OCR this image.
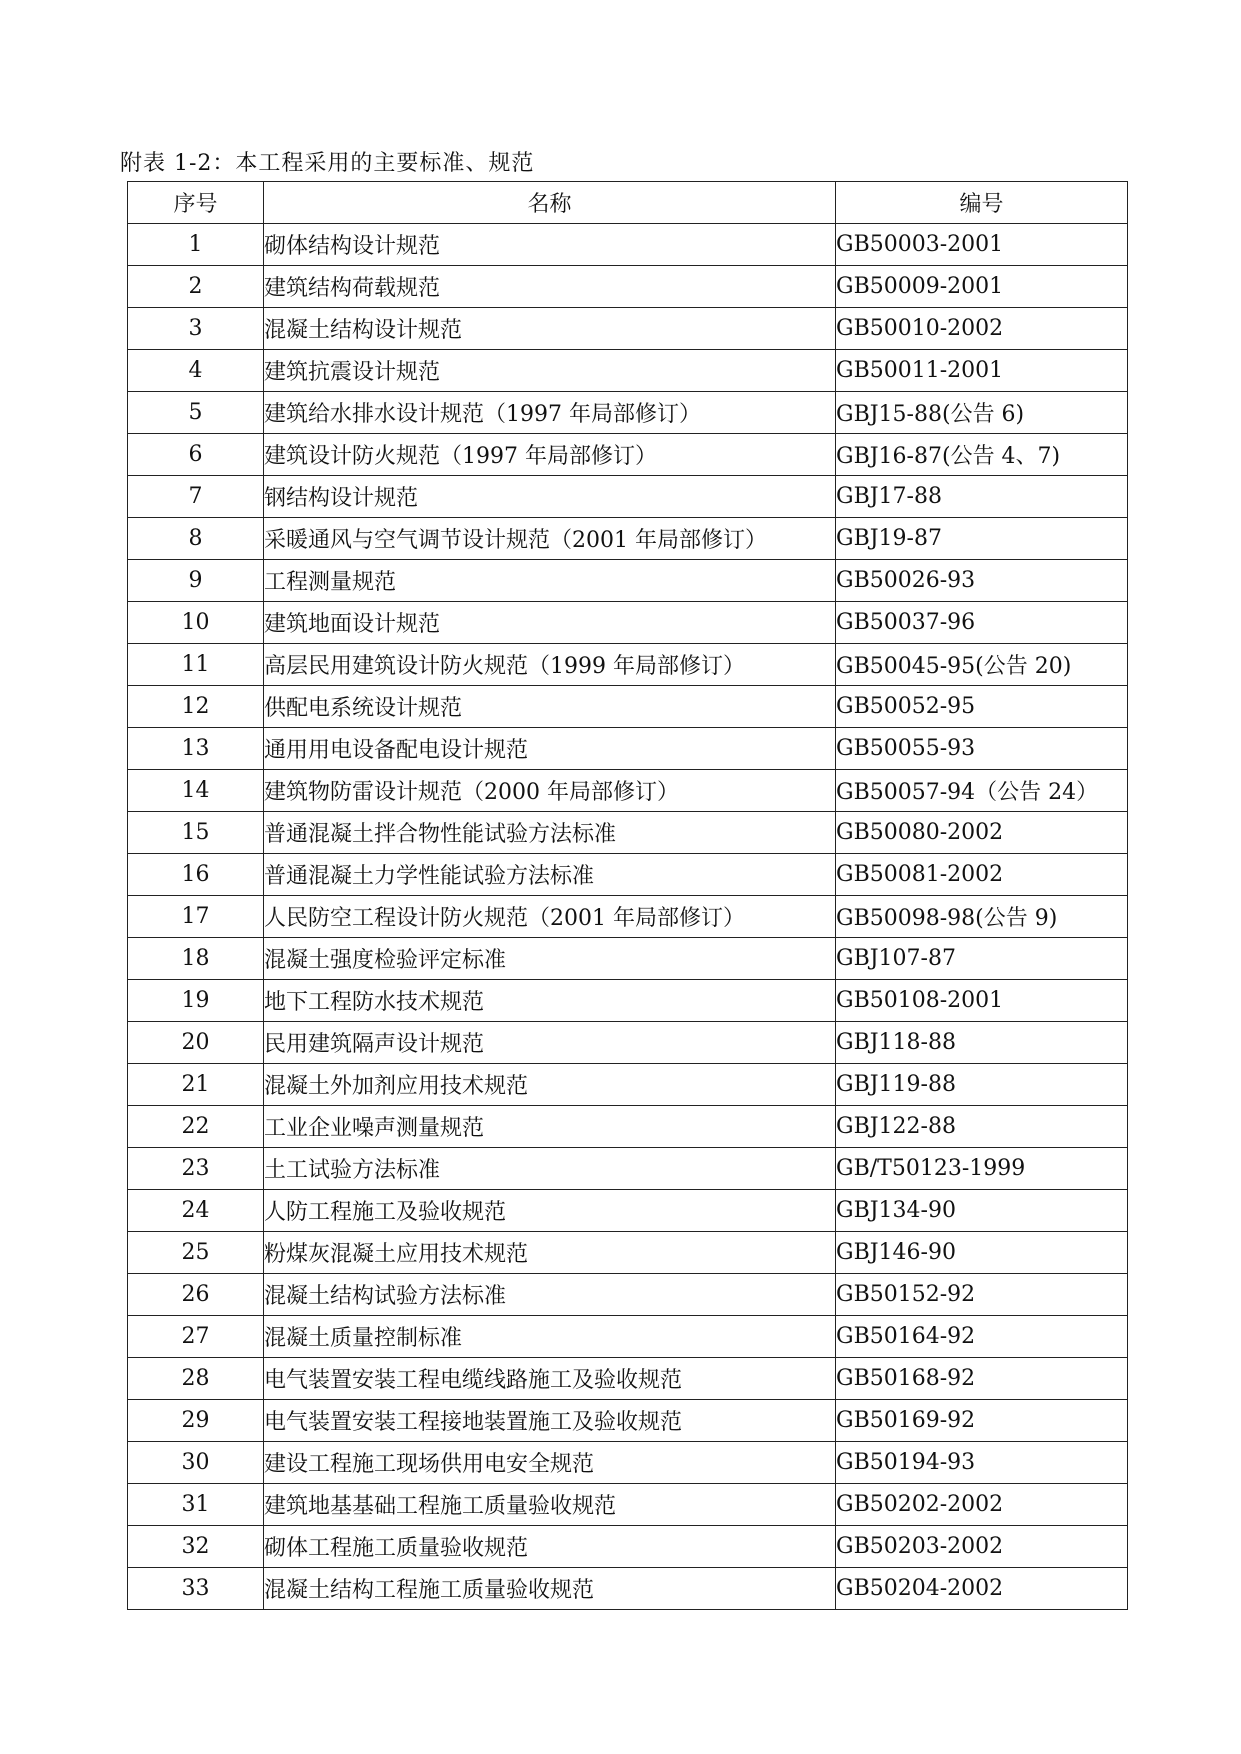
附表 1-2：本工程采用的主要标准、规范
序号	名称	编号
1	砌体结构设计规范	GB50003-2001
2	建筑结构荷载规范	GB50009-2001
3	混凝土结构设计规范	GB50010-2002
4	建筑抗震设计规范	GB50011-2001
5	建筑给水排水设计规范（1997 年局部修订）	GBJ15-88(公告 6)
6	建筑设计防火规范（1997 年局部修订）	GBJ16-87(公告 4、7)
7	钢结构设计规范	GBJ17-88
8	采暖通风与空气调节设计规范（2001 年局部修订）	GBJ19-87
9	工程测量规范	GB50026-93
10	建筑地面设计规范	GB50037-96
11	高层民用建筑设计防火规范（1999 年局部修订）	GB50045-95(公告 20)
12	供配电系统设计规范	GB50052-95
13	通用用电设备配电设计规范	GB50055-93
14	建筑物防雷设计规范（2000 年局部修订）	GB50057-94（公告 24）
15	普通混凝土拌合物性能试验方法标准	GB50080-2002
16	普通混凝土力学性能试验方法标准	GB50081-2002
17	人民防空工程设计防火规范（2001 年局部修订）	GB50098-98(公告 9)
18	混凝土强度检验评定标准	GBJ107-87
19	地下工程防水技术规范	GB50108-2001
20	民用建筑隔声设计规范	GBJ118-88
21	混凝土外加剂应用技术规范	GBJ119-88
22	工业企业噪声测量规范	GBJ122-88
23	土工试验方法标准	GB/T50123-1999
24	人防工程施工及验收规范	GBJ134-90
25	粉煤灰混凝土应用技术规范	GBJ146-90
26	混凝土结构试验方法标准	GB50152-92
27	混凝土质量控制标准	GB50164-92
28	电气装置安装工程电缆线路施工及验收规范	GB50168-92
29	电气装置安装工程接地装置施工及验收规范	GB50169-92
30	建设工程施工现场供用电安全规范	GB50194-93
31	建筑地基基础工程施工质量验收规范	GB50202-2002
32	砌体工程施工质量验收规范	GB50203-2002
33	混凝土结构工程施工质量验收规范	GB50204-2002
